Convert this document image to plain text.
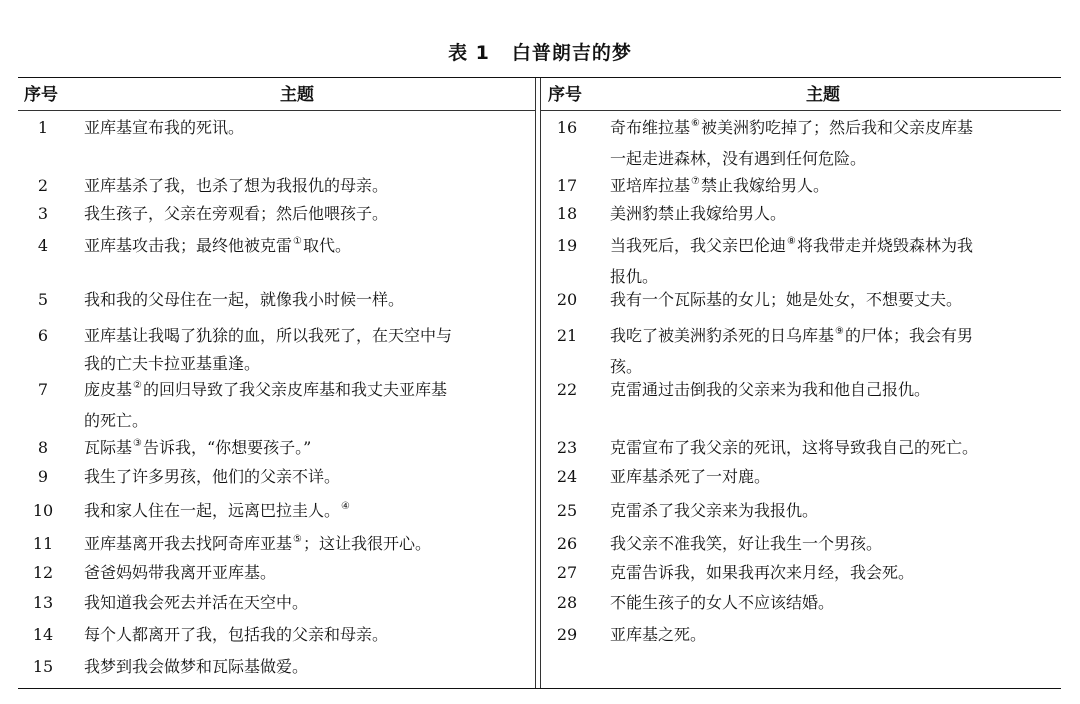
表 1 白普朗吉的梦
序号	主题	序号	主题
1	亚库基宣布我的死讯。
2	亚库基杀了我，也杀了想为我报仇的母亲。
3	我生孩子，父亲在旁观看；然后他喂孩子。
4	亚库基攻击我；最终他被克雷①取代。
5	我和我的父母住在一起，就像我小时候一样。
6	亚库基让我喝了犰狳的血，所以我死了，在天空中与
我的亡夫卡拉亚基重逢。
7	庞皮基②的回归导致了我父亲皮库基和我丈夫亚库基
的死亡。
8	瓦际基③告诉我，“你想要孩子。”
9	我生了许多男孩，他们的父亲不详。
10	我和家人住在一起，远离巴拉圭人。④
11	亚库基离开我去找阿奇库亚基⑤；这让我很开心。
12	爸爸妈妈带我离开亚库基。
13	我知道我会死去并活在天空中。
14	每个人都离开了我，包括我的父亲和母亲。
15	我梦到我会做梦和瓦际基做爱。
16	奇布维拉基⑥被美洲豹吃掉了；然后我和父亲皮库基
一起走进森林，没有遇到任何危险。
17	亚培库拉基⑦禁止我嫁给男人。
18	美洲豹禁止我嫁给男人。
19	当我死后，我父亲巴伦迪⑧将我带走并烧毁森林为我
报仇。
20	我有一个瓦际基的女儿；她是处女，不想要丈夫。
21	我吃了被美洲豹杀死的日乌库基⑨的尸体；我会有男
孩。
22	克雷通过击倒我的父亲来为我和他自己报仇。
23	克雷宣布了我父亲的死讯，这将导致我自己的死亡。
24	亚库基杀死了一对鹿。
25	克雷杀了我父亲来为我报仇。
26	我父亲不准我笑，好让我生一个男孩。
27	克雷告诉我，如果我再次来月经，我会死。
28	不能生孩子的女人不应该结婚。
29	亚库基之死。
